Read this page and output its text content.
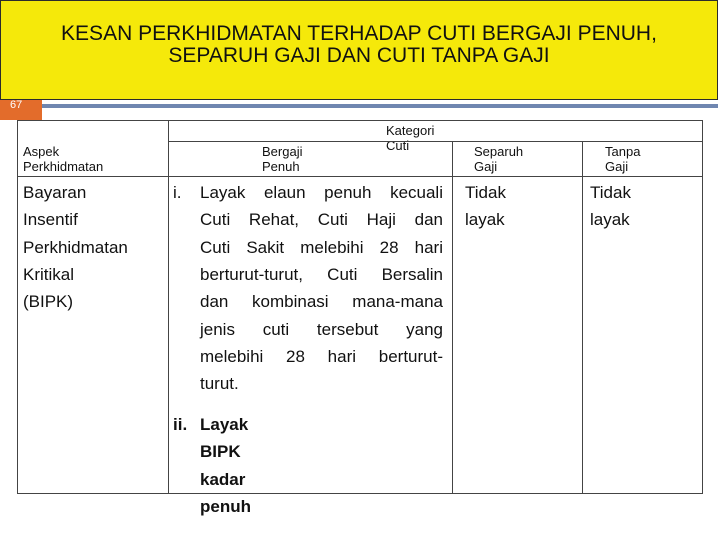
KESAN PERKHIDMATAN TERHADAP CUTI BERGAJI PENUH,
SEPARUH GAJI DAN CUTI TANPA GAJI
67
Kategori Cuti
Aspek Perkhidmatan
Bergaji Penuh
Separuh Gaji
Tanpa Gaji
Bayaran
Insentif
Perkhidmatan
Kritikal (BIPK)
i. Layak elaun penuh kecuali
Cuti Rehat, Cuti Haji dan
Cuti Sakit melebihi 28 hari
berturut-turut, Cuti Bersalin
dan kombinasi mana-mana
jenis cuti tersebut yang
melebihi 28 hari berturut-
turut.
ii. Layak BIPK kadar penuh
Tidak layak
Tidak layak
